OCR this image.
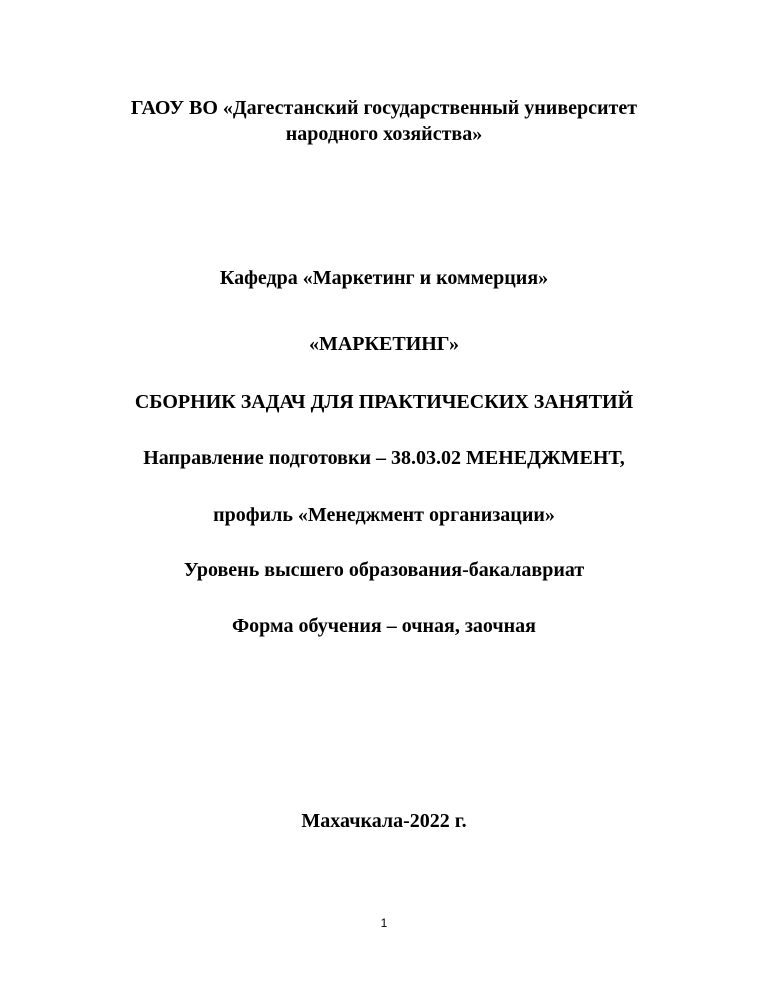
ГАОУ ВО «Дагестанский государственный университет
народного хозяйства»
Кафедра «Маркетинг и коммерция»
«МАРКЕТИНГ»
СБОРНИК ЗАДАЧ ДЛЯ ПРАКТИЧЕСКИХ ЗАНЯТИЙ
Направление подготовки – 38.03.02 МЕНЕДЖМЕНТ,
профиль «Менеджмент организации»
Уровень высшего образования-бакалавриат
Форма обучения – очная, заочная
Махачкала-2022 г.
1
